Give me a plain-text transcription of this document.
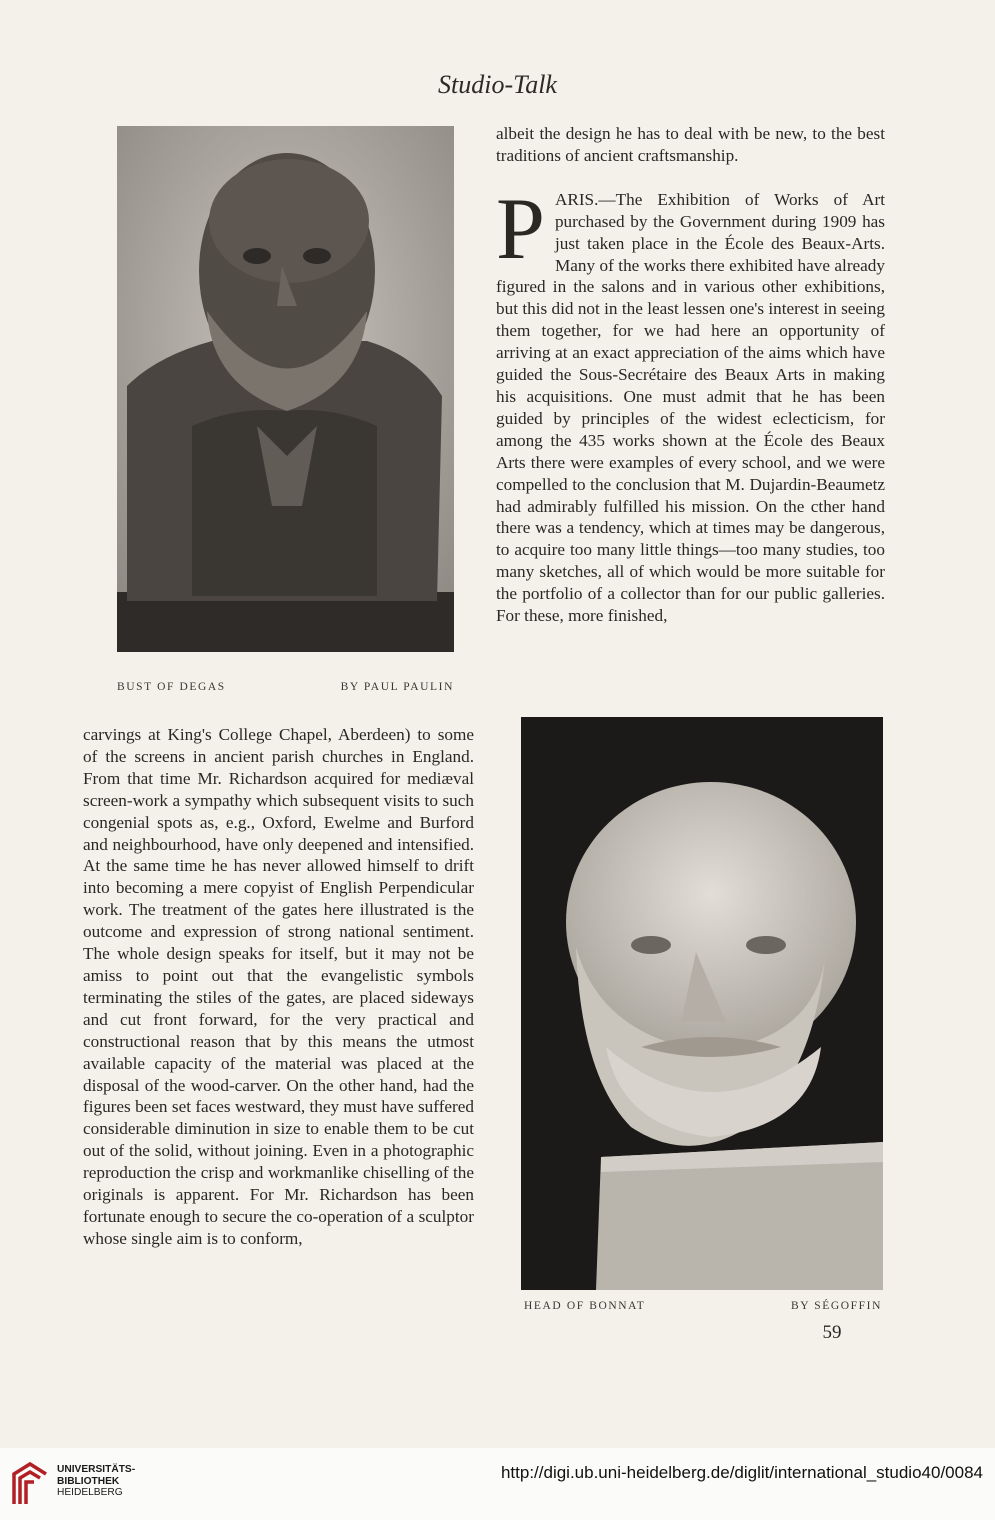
Studio-Talk
BUST OF DEGAS	BY PAUL PAULIN

albeit the design he has to deal with be new, to the best traditions of ancient craftsmanship.

PARIS.—The Exhibition of Works of Art purchased by the Government during 1909 has just taken place in the École des Beaux-Arts. Many of the works there exhibited have already figured in the salons and in various other exhibitions, but this did not in the least lessen one's interest in seeing them together, for we had here an opportunity of arriving at an exact appreciation of the aims which have guided the Sous-Secrétaire des Beaux Arts in making his acquisitions. One must admit that he has been guided by principles of the widest eclecticism, for among the 435 works shown at the École des Beaux Arts there were examples of every school, and we were compelled to the conclusion that M. Dujardin-Beaumetz had admirably fulfilled his mission. On the cther hand there was a tendency, which at times may be dangerous, to acquire too many little things—too many studies, too many sketches, all of which would be more suitable for the portfolio of a collector than for our public galleries. For these, more finished,

carvings at King's College Chapel, Aberdeen) to some of the screens in ancient parish churches in England. From that time Mr. Richardson acquired for mediæval screen-work a sympathy which subsequent visits to such congenial spots as, e.g., Oxford, Ewelme and Burford and neighbourhood, have only deepened and intensified. At the same time he has never allowed himself to drift into becoming a mere copyist of English Perpendicular work. The treatment of the gates here illustrated is the outcome and expression of strong national sentiment. The whole design speaks for itself, but it may not be amiss to point out that the evangelistic symbols terminating the stiles of the gates, are placed sideways and cut front forward, for the very practical and constructional reason that by this means the utmost available capacity of the material was placed at the disposal of the wood-carver. On the other hand, had the figures been set faces westward, they must have suffered considerable diminution in size to enable them to be cut out of the solid, without joining. Even in a photographic reproduction the crisp and workmanlike chiselling of the originals is apparent. For Mr. Richardson has been fortunate enough to secure the co-operation of a sculptor whose single aim is to conform,

HEAD OF BONNAT	BY SÉGOFFIN
59
UNIVERSITÄTS-
BIBLIOTHEK
HEIDELBERG
http://digi.ub.uni-heidelberg.de/diglit/international_studio40/0084
